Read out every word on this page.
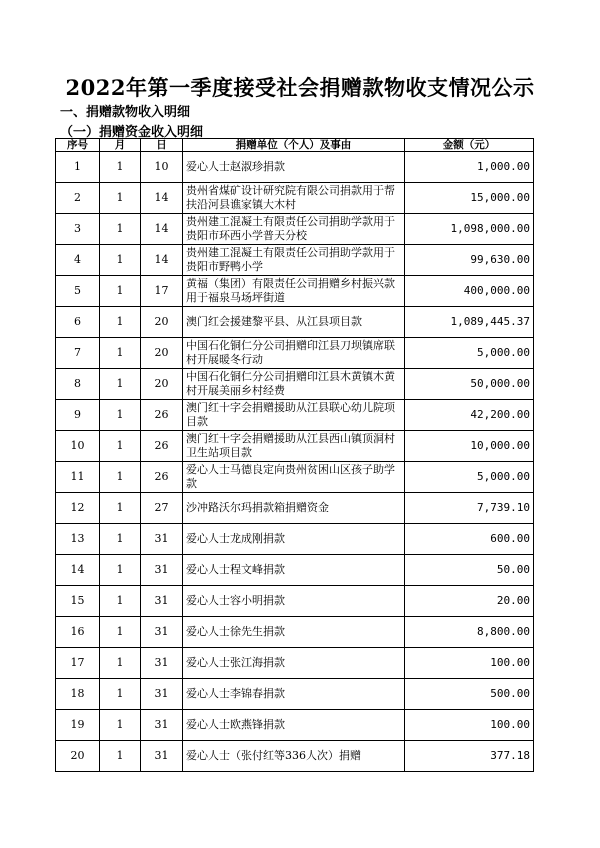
2022年第一季度接受社会捐赠款物收支情况公示
一、捐赠款物收入明细
（一）捐赠资金收入明细
序号	月	日	捐赠单位（个人）及事由	金额（元）
1	1	10	爱心人士赵淑珍捐款	1,000.00
2	1	14	贵州省煤矿设计研究院有限公司捐款用于帮扶沿河县谯家镇大木村	15,000.00
3	1	14	贵州建工混凝土有限责任公司捐助学款用于贵阳市环西小学普天分校	1,098,000.00
4	1	14	贵州建工混凝土有限责任公司捐助学款用于贵阳市野鸭小学	99,630.00
5	1	17	黄福（集团）有限责任公司捐赠乡村振兴款用于福泉马场坪街道	400,000.00
6	1	20	澳门红会援建黎平县、从江县项目款	1,089,445.37
7	1	20	中国石化铜仁分公司捐赠印江县刀坝镇席联村开展暖冬行动	5,000.00
8	1	20	中国石化铜仁分公司捐赠印江县木黄镇木黄村开展美丽乡村经费	50,000.00
9	1	26	澳门红十字会捐赠援助从江县联心幼儿院项目款	42,200.00
10	1	26	澳门红十字会捐赠援助从江县西山镇顶洞村卫生站项目款	10,000.00
11	1	26	爱心人士马德良定向贵州贫困山区孩子助学款	5,000.00
12	1	27	沙冲路沃尔玛捐款箱捐赠资金	7,739.10
13	1	31	爱心人士龙成刚捐款	600.00
14	1	31	爱心人士程文峰捐款	50.00
15	1	31	爱心人士容小明捐款	20.00
16	1	31	爱心人士徐先生捐款	8,800.00
17	1	31	爱心人士张江海捐款	100.00
18	1	31	爱心人士李锦春捐款	500.00
19	1	31	爱心人士欧燕锋捐款	100.00
20	1	31	爱心人士（张付红等336人次）捐赠	377.18
